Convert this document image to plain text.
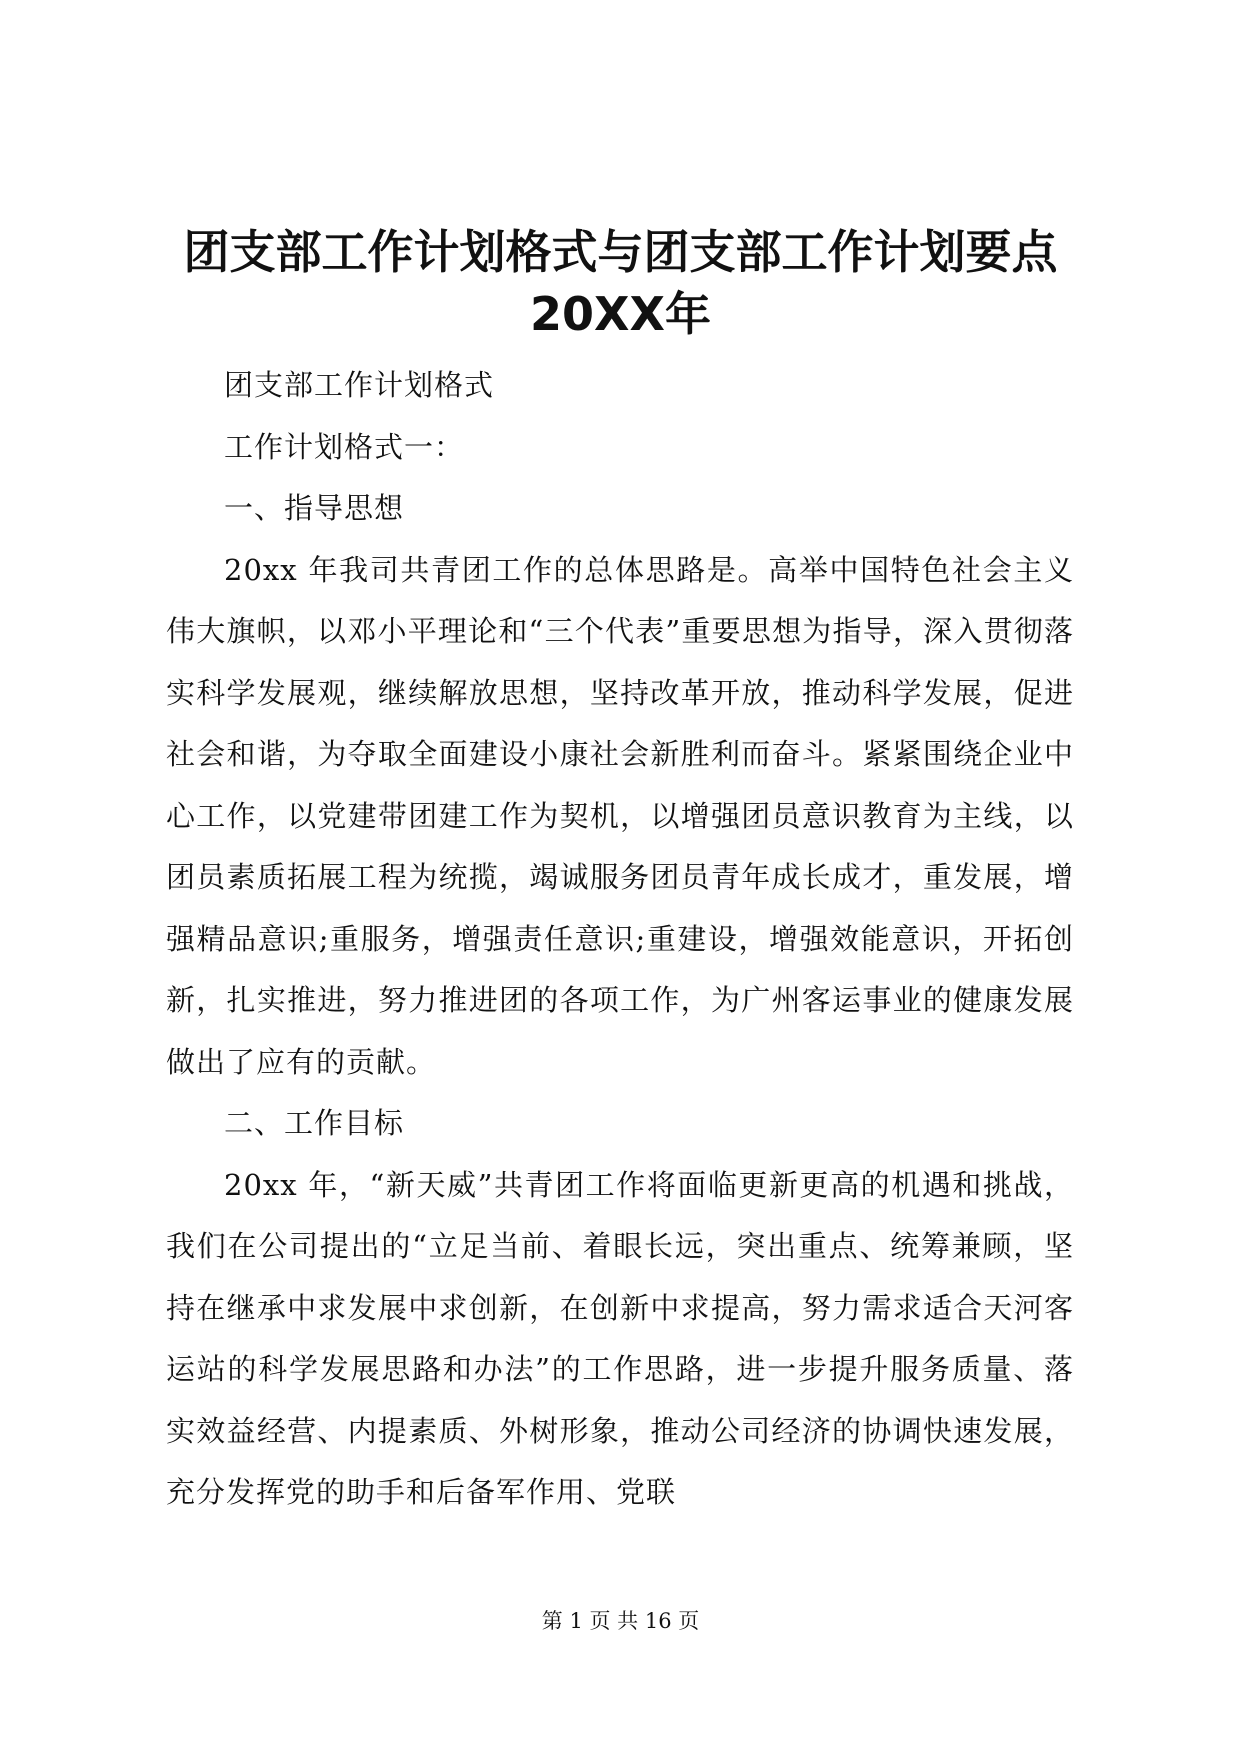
团支部工作计划格式与团支部工作计划要点
20XX年

团支部工作计划格式

工作计划格式一：

一、指导思想

20xx 年我司共青团工作的总体思路是。高举中国特色社会主义伟大旗帜，以邓小平理论和“三个代表”重要思想为指导，深入贯彻落实科学发展观，继续解放思想，坚持改革开放，推动科学发展，促进社会和谐，为夺取全面建设小康社会新胜利而奋斗。紧紧围绕企业中心工作，以党建带团建工作为契机，以增强团员意识教育为主线，以团员素质拓展工程为统揽，竭诚服务团员青年成长成才，重发展，增强精品意识;重服务，增强责任意识;重建设，增强效能意识，开拓创新，扎实推进，努力推进团的各项工作，为广州客运事业的健康发展做出了应有的贡献。

二、工作目标

20xx 年，“新天威”共青团工作将面临更新更高的机遇和挑战，我们在公司提出的“立足当前、着眼长远，突出重点、统筹兼顾，坚持在继承中求发展中求创新，在创新中求提高，努力需求适合天河客运站的科学发展思路和办法”的工作思路，进一步提升服务质量、落实效益经营、内提素质、外树形象，推动公司经济的协调快速发展，充分发挥党的助手和后备军作用、党联

第 1 页 共 16 页
